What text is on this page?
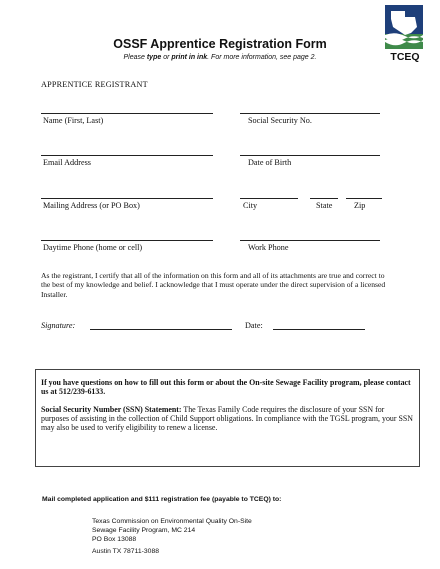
OSSF Apprentice Registration Form
Please type or print in ink. For more information, see page 2.	TCEQ
APPRENTICE REGISTRANT
Name (First, Last)	Social Security No.
Email Address	Date of Birth
Mailing Address (or PO Box)	City	State	Zip
Daytime Phone (home or cell)	Work Phone
As the registrant, I certify that all of the information on this form and all of its attachments are true and correct to the best of my knowledge and belief. I acknowledge that I must operate under the direct supervision of a licensed Installer.
Signature:	Date:

If you have questions on how to fill out this form or about the On-site Sewage Facility program, please contact us at 512/239-6133.

Social Security Number (SSN) Statement: The Texas Family Code requires the disclosure of your SSN for purposes of assisting in the collection of Child Support obligations. In compliance with the TGSL program, your SSN may also be used to verify eligibility to renew a license.

Mail completed application and $111 registration fee (payable to TCEQ) to:
Texas Commission on Environmental Quality On-Site
Sewage Facility Program, MC 214
PO Box 13088
Austin TX 78711-3088
